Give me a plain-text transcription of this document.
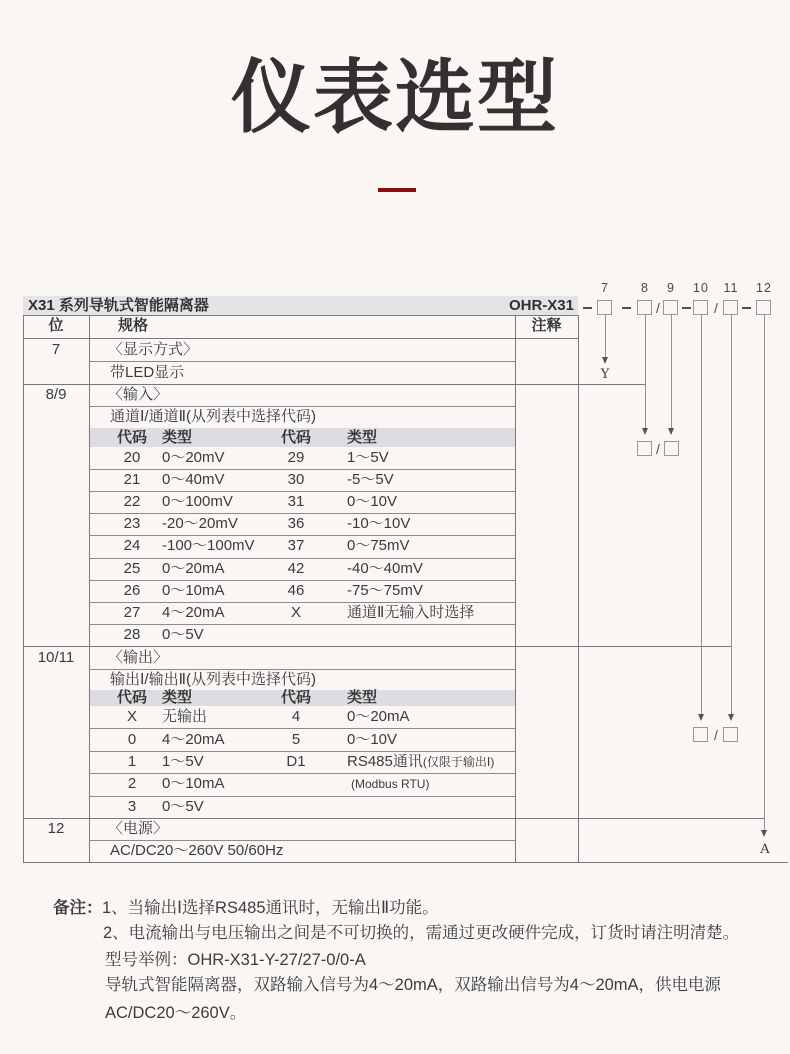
仪表选型
X31 系列导轨式智能隔离器	OHR-X31
位	规格	注释
Y
A
7	〈显示方式〉
带LED显示
8/9	〈输入〉
通道Ⅰ/通道Ⅱ(从列表中选择代码)
代码	类型	代码	类型
20	0～20mV	29	1～5V
21	0～40mV	30	-5～5V
22	0～100mV	31	0～10V
23	-20～20mV	36	-10～10V
24	-100～100mV	37	0～75mV
25	0～20mA	42	-40～40mV
26	0～10mA	46	-75～75mV
27	4～20mA	X	通道Ⅱ无输入时选择
28	0～5V
10/11	〈输出〉
输出Ⅰ/输出Ⅱ(从列表中选择代码)
代码	类型	代码	类型
X	无输出	4	0～20mA
0	4～20mA	5	0～10V
1	1～5V	D1	RS485通讯(仅限于输出Ⅰ)
2	0～10mA	(Modbus RTU)
3	0～5V
12	〈电源〉
AC/DC20～260V 50/60Hz
7	8 9 10 11 12
/	/
/
/
备注： 1、当输出Ⅰ选择RS485通讯时，无输出Ⅱ功能。
2、电流输出与电压输出之间是不可切换的，需通过更改硬件完成，订货时请注明清楚。
型号举例：OHR-X31-Y-27/27-0/0-A
导轨式智能隔离器，双路输入信号为4～20mA，双路输出信号为4～20mA，供电电源
AC/DC20～260V。
